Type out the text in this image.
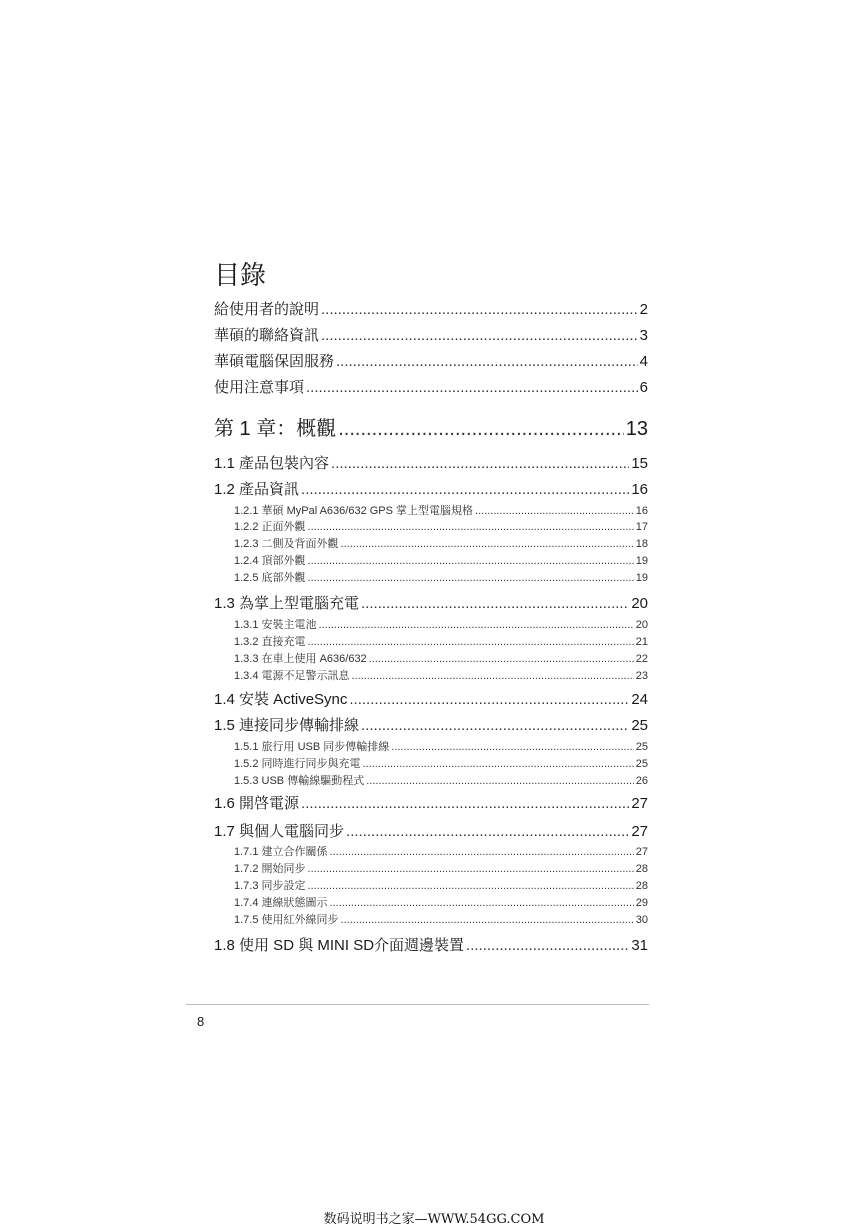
目錄
給使用者的說明 .....	2
華碩的聯絡資訊 .....	3
華碩電腦保固服務 .....	4
使用注意事項 .....	6
第 1 章：概觀 .....	13
1.1 產品包裝內容 .....	15
1.2 產品資訊 .....	16
1.2.1 華碩 MyPal A636/632 GPS 掌上型電腦規格 .....	16
1.2.2 正面外觀 .....	17
1.2.3 二側及背面外觀 .....	18
1.2.4 頂部外觀 .....	19
1.2.5 底部外觀 .....	19
1.3 為掌上型電腦充電 .....	20
1.3.1 安裝主電池 .....	20
1.3.2 直接充電 .....	21
1.3.3 在車上使用 A636/632 .....	22
1.3.4 電源不足警示訊息 .....	23
1.4 安裝 ActiveSync .....	24
1.5 連接同步傳輸排線 .....	25
1.5.1 旅行用 USB 同步傳輸排線 .....	25
1.5.2 同時進行同步與充電 .....	25
1.5.3 USB 傳輸線驅動程式 .....	26
1.6 開啓電源 .....	27
1.7 與個人電腦同步 .....	27
1.7.1 建立合作關係 .....	27
1.7.2 開始同步 .....	28
1.7.3 同步設定 .....	28
1.7.4 連線狀態圖示 .....	29
1.7.5 使用紅外線同步 .....	30
1.8 使用 SD 與 MINI SD介面週邊裝置 .....	31
8
数码说明书之家—WWW.54GG.COM
